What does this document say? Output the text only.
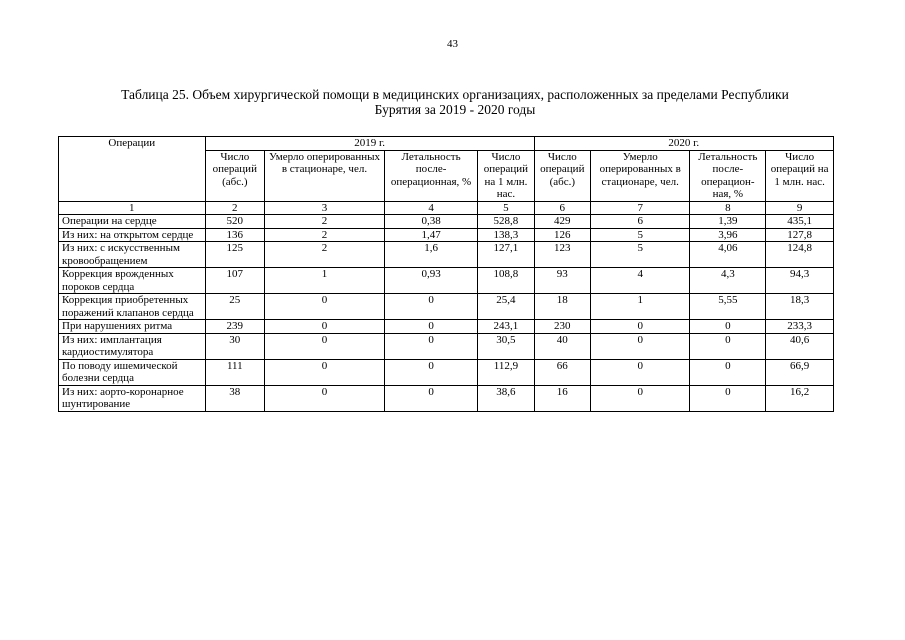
43
Таблица 25. Объем хирургической помощи в медицинских организациях, расположенных за пределами Республики
Бурятия за 2019 - 2020 годы
Операции	2019 г.				2020 г.			
	Число операций (абс.)	Умерло оперированных в стационаре, чел.	Летальность после-операционная, %	Число операций на 1 млн. нас.	Число операций (абс.)	Умерло оперированных в стационаре, чел.	Летальность после-операцион-ная, %	Число операций на 1 млн. нас.
1	2	3	4	5	6	7	8	9
Операции на сердце	520	2	0,38	528,8	429	6	1,39	435,1
Из них: на открытом сердце	136	2	1,47	138,3	126	5	3,96	127,8
Из них: с искусственным кровообращением	125	2	1,6	127,1	123	5	4,06	124,8
Коррекция врожденных пороков сердца	107	1	0,93	108,8	93	4	4,3	94,3
Коррекция приобретенных поражений клапанов сердца	25	0	0	25,4	18	1	5,55	18,3
При нарушениях ритма	239	0	0	243,1	230	0	0	233,3
Из них: имплантация кардиостимулятора	30	0	0	30,5	40	0	0	40,6
По поводу ишемической болезни сердца	111	0	0	112,9	66	0	0	66,9
Из них: аорто-коронарное шунтирование	38	0	0	38,6	16	0	0	16,2
